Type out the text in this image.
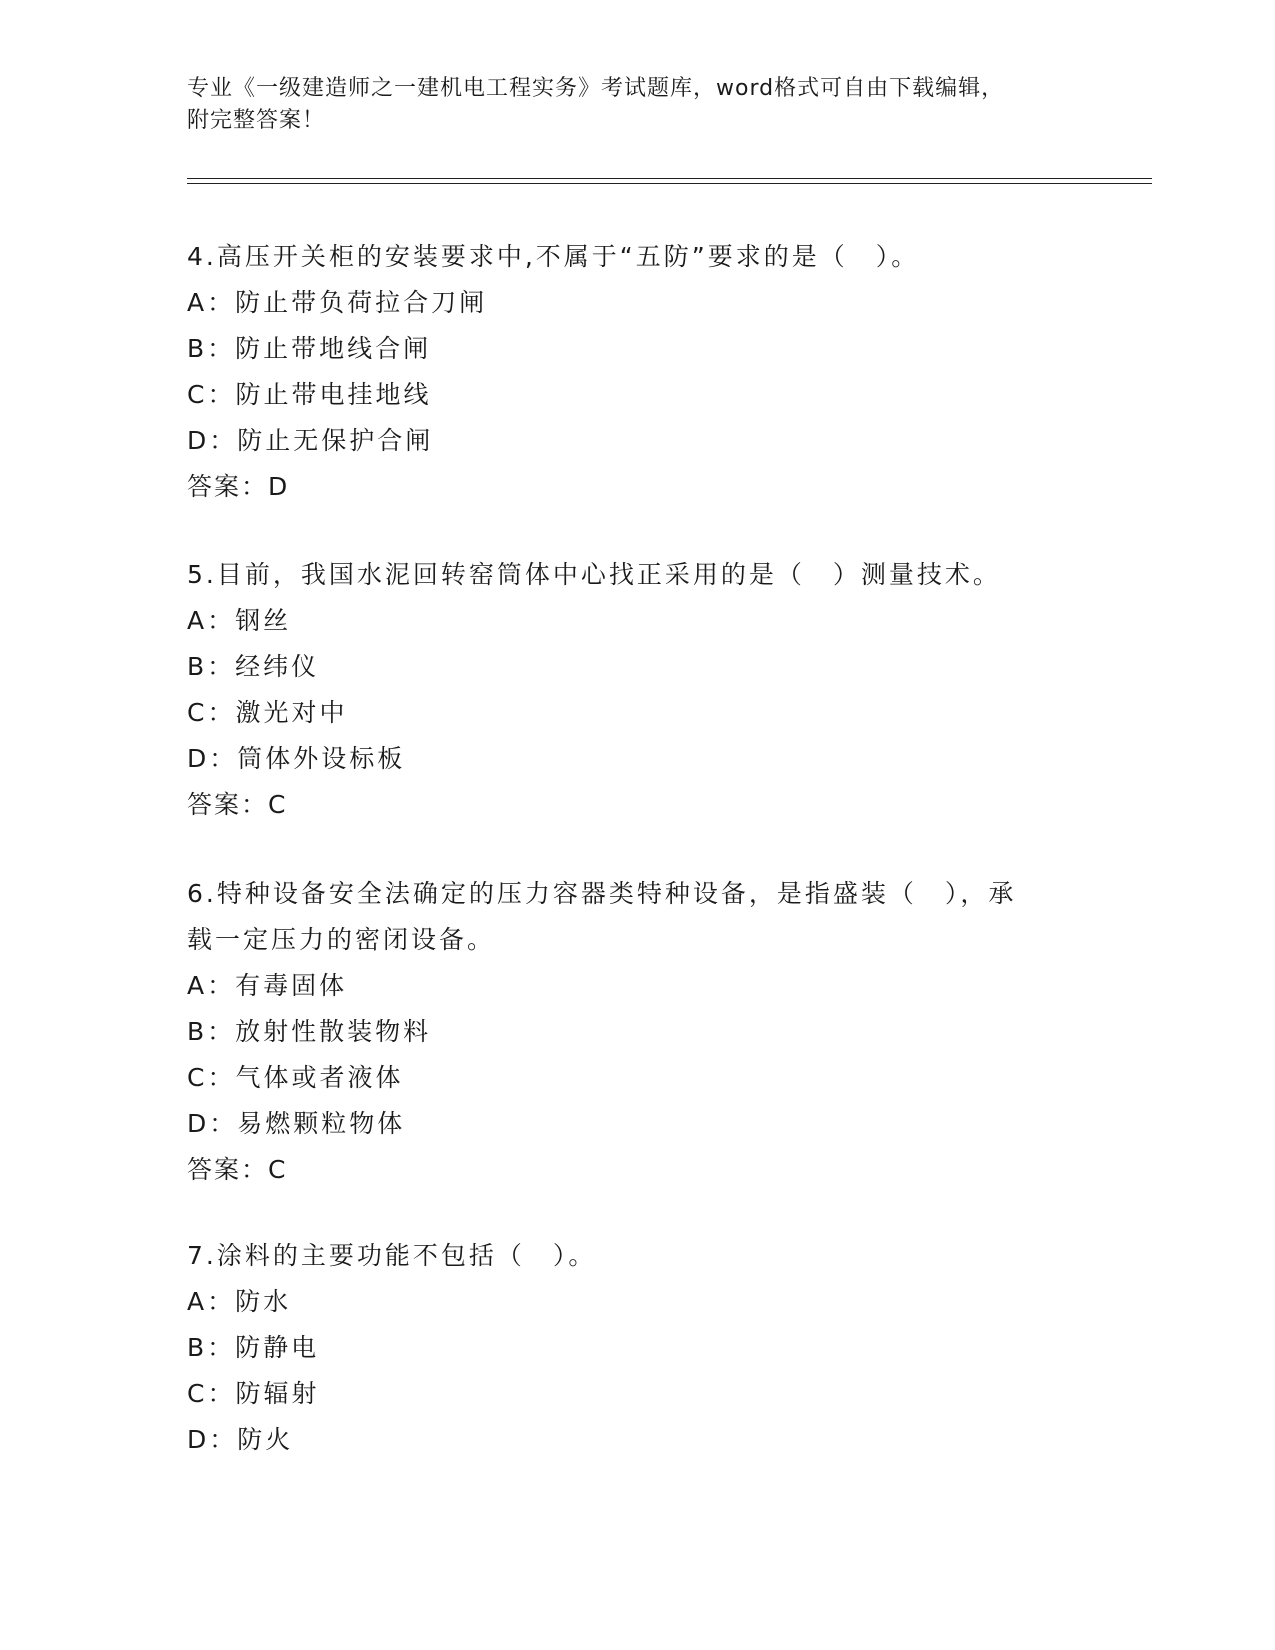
专业《一级建造师之一建机电工程实务》考试题库，word格式可自由下载编辑，
附完整答案！

4.高压开关柜的安装要求中,不属于“五防”要求的是（　）。

A：防止带负荷拉合刀闸

B：防止带地线合闸

C：防止带电挂地线

D：防止无保护合闸

答案：D

5.目前，我国水泥回转窑筒体中心找正采用的是（　）测量技术。

A：钢丝

B：经纬仪

C：激光对中

D：筒体外设标板

答案：C

6.特种设备安全法确定的压力容器类特种设备，是指盛装（　），承

载一定压力的密闭设备。

A：有毒固体

B：放射性散装物料

C：气体或者液体

D：易燃颗粒物体

答案：C

7.涂料的主要功能不包括（　）。

A：防水

B：防静电

C：防辐射

D：防火
